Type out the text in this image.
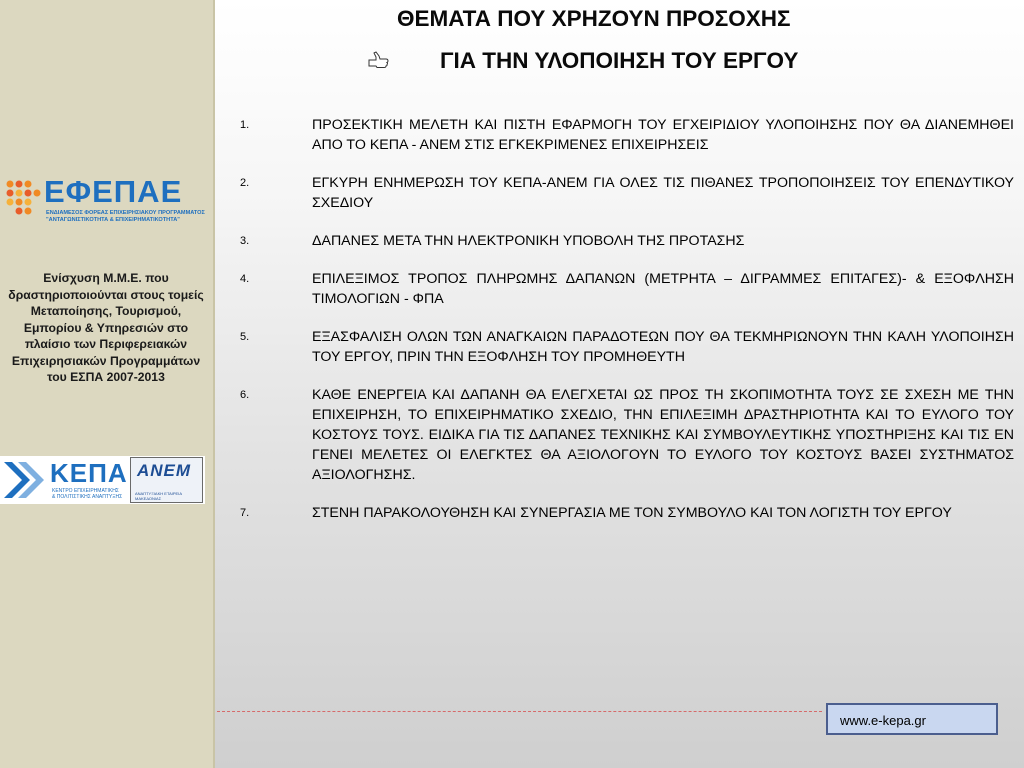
ΕΦΕΠΑΕ
ΕΝΔΙΑΜΕΣΟΣ ΦΟΡΕΑΣ ΕΠΙΧΕΙΡΗΣΙΑΚΟΥ ΠΡΟΓΡΑΜΜΑΤΟΣ
"ΑΝΤΑΓΩΝΙΣΤΙΚΟΤΗΤΑ & ΕΠΙΧΕΙΡΗΜΑΤΙΚΟΤΗΤΑ"
Ενίσχυση Μ.Μ.Ε. που δραστηριοποιούνται στους τομείς Μεταποίησης, Τουρισμού, Εμπορίου & Υπηρεσιών στο πλαίσιο των Περιφερειακών Επιχειρησιακών Προγραμμάτων του ΕΣΠΑ 2007-2013
ΚΕΠΑ
ΚΕΝΤΡΟ ΕΠΙΧΕΙΡΗΜΑΤΙΚΗΣ
& ΠΟΛΙΤΙΣΤΙΚΗΣ ΑΝΑΠΤΥΞΗΣ
ΑΝΕΜ
ΑΝΑΠΤΥΞΙΑΚΗ ΕΤΑΙΡΕΙΑ ΜΑΚΕΔΟΝΙΑΣ
ΘΕΜΑΤΑ ΠΟΥ ΧΡΗΖΟΥΝ ΠΡΟΣΟΧΗΣ
ΓΙΑ ΤΗΝ ΥΛΟΠΟΙΗΣΗ ΤΟΥ ΕΡΓΟΥ
1.	ΠΡΟΣΕΚΤΙΚΗ ΜΕΛΕΤΗ ΚΑΙ ΠΙΣΤΗ ΕΦΑΡΜΟΓΗ ΤΟΥ ΕΓΧΕΙΡΙΔΙΟΥ ΥΛΟΠΟΙΗΣΗΣ ΠΟΥ ΘΑ ΔΙΑΝΕΜΗΘΕΙ ΑΠΟ ΤΟ ΚΕΠΑ - ΑΝΕΜ ΣΤΙΣ ΕΓΚΕΚΡΙΜΕΝΕΣ ΕΠΙΧΕΙΡΗΣΕΙΣ
2.	ΕΓΚΥΡΗ ΕΝΗΜΕΡΩΣΗ ΤΟΥ ΚΕΠΑ-ΑΝΕΜ ΓΙΑ ΟΛΕΣ ΤΙΣ ΠΙΘΑΝΕΣ ΤΡΟΠΟΠΟΙΗΣΕΙΣ ΤΟΥ ΕΠΕΝΔΥΤΙΚΟΥ ΣΧΕΔΙΟΥ
3.	ΔΑΠΑΝΕΣ ΜΕΤΑ ΤΗΝ ΗΛΕΚΤΡΟΝΙΚΗ ΥΠΟΒΟΛΗ ΤΗΣ ΠΡΟΤΑΣΗΣ
4.	ΕΠΙΛΕΞΙΜΟΣ ΤΡΟΠΟΣ ΠΛΗΡΩΜΗΣ ΔΑΠΑΝΩΝ (ΜΕΤΡΗΤΑ – ΔΙΓΡΑΜΜΕΣ ΕΠΙΤΑΓΕΣ)- & ΕΞΟΦΛΗΣΗ ΤΙΜΟΛΟΓΙΩΝ - ΦΠΑ
5.	ΕΞΑΣΦΑΛΙΣΗ ΟΛΩΝ ΤΩΝ ΑΝΑΓΚΑΙΩΝ ΠΑΡΑΔΟΤΕΩΝ ΠΟΥ ΘΑ ΤΕΚΜΗΡΙΩΝΟΥΝ ΤΗΝ ΚΑΛΗ ΥΛΟΠΟΙΗΣΗ ΤΟΥ ΕΡΓΟΥ, ΠΡΙΝ ΤΗΝ ΕΞΟΦΛΗΣΗ ΤΟΥ ΠΡΟΜΗΘΕΥΤΗ
6.	ΚΑΘΕ ΕΝΕΡΓΕΙΑ ΚΑΙ ΔΑΠΑΝΗ ΘΑ ΕΛΕΓΧΕΤΑΙ ΩΣ ΠΡΟΣ ΤΗ ΣΚΟΠΙΜΟΤΗΤΑ ΤΟΥΣ ΣΕ ΣΧΕΣΗ ΜΕ ΤΗΝ ΕΠΙΧΕΙΡΗΣΗ, ΤΟ ΕΠΙΧΕΙΡΗΜΑΤΙΚΟ ΣΧΕΔΙΟ, ΤΗΝ ΕΠΙΛΕΞΙΜΗ ΔΡΑΣΤΗΡΙΟΤΗΤΑ ΚΑΙ ΤΟ ΕΥΛΟΓΟ ΤΟΥ ΚΟΣΤΟΥΣ ΤΟΥΣ. ΕΙΔΙΚΑ ΓΙΑ ΤΙΣ ΔΑΠΑΝΕΣ ΤΕΧΝΙΚΗΣ ΚΑΙ ΣΥΜΒΟΥΛΕΥΤΙΚΗΣ ΥΠΟΣΤΗΡΙΞΗΣ ΚΑΙ ΤΙΣ ΕΝ ΓΕΝΕΙ ΜΕΛΕΤΕΣ ΟΙ ΕΛΕΓΚΤΕΣ ΘΑ ΑΞΙΟΛΟΓΟΥΝ ΤΟ ΕΥΛΟΓΟ ΤΟΥ ΚΟΣΤΟΥΣ ΒΑΣΕΙ ΣΥΣΤΗΜΑΤΟΣ ΑΞΙΟΛΟΓΗΣΗΣ.
7.	ΣΤΕΝΗ ΠΑΡΑΚΟΛΟΥΘΗΣΗ ΚΑΙ ΣΥΝΕΡΓΑΣΙΑ ΜΕ ΤΟΝ ΣΥΜΒΟΥΛΟ ΚΑΙ ΤΟΝ ΛΟΓΙΣΤΗ ΤΟΥ ΕΡΓΟΥ
www.e-kepa.gr
